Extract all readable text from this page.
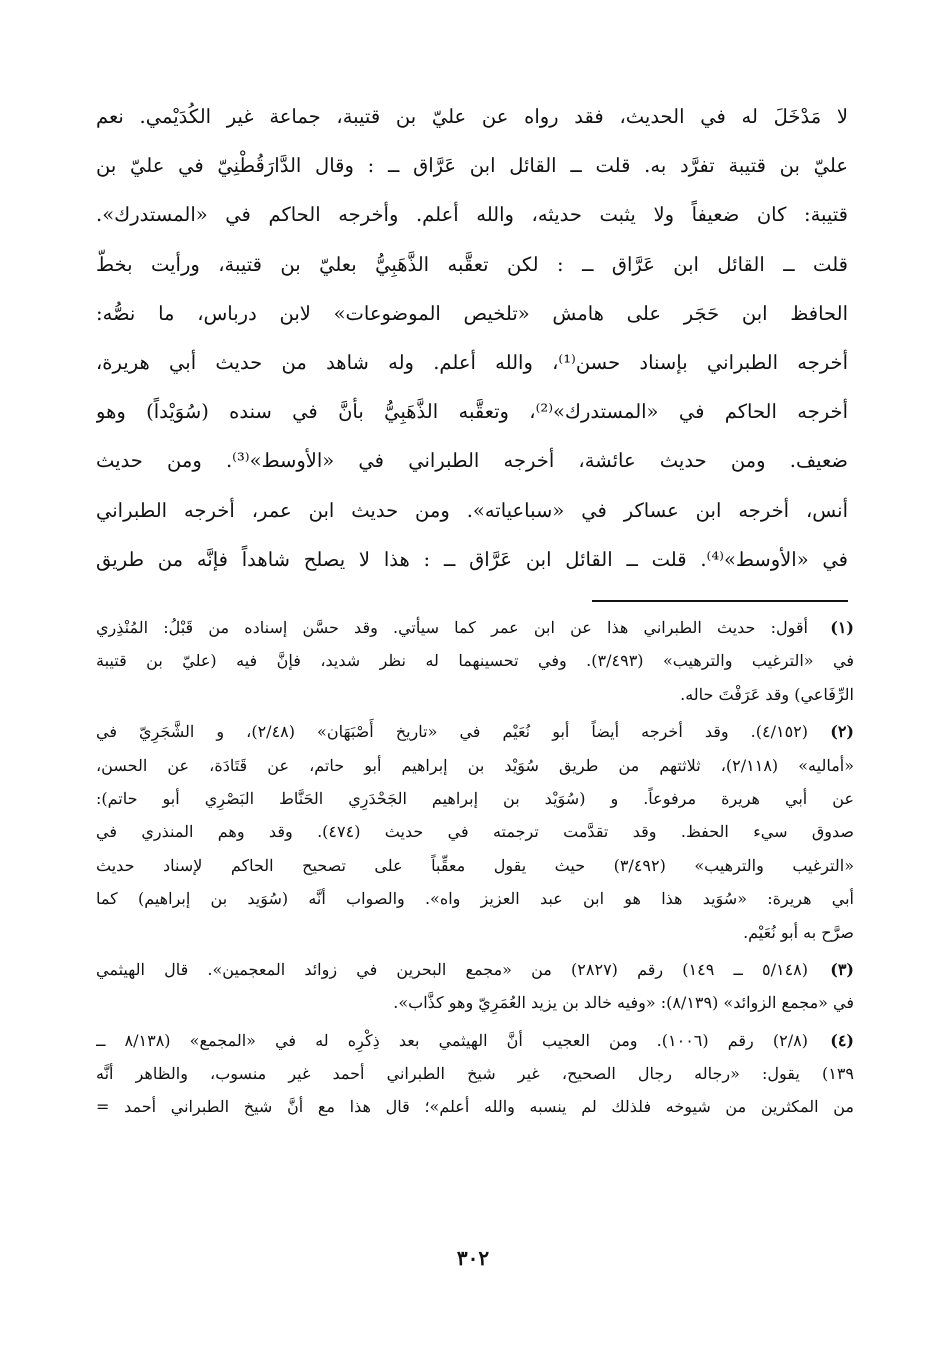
لا مَدْخَلَ له في الحديث، فقد رواه عن عليّ بن قتيبة، جماعة غير الكُدَيْمي. نعم
عليّ بن قتيبة تفرَّد به. قلت ــ القائل ابن عَرَّاق ــ : وقال الدَّارَقُطْنِيّ في عليّ بن
قتيبة: كان ضعيفاً ولا يثبت حديثه، والله أعلم. وأخرجه الحاكم في «المستدرك».
قلت ــ القائل ابن عَرَّاق ــ : لكن تعقَّبه الذَّهَبِيُّ بعليّ بن قتيبة، ورأيت بخطّ
الحافظ ابن حَجَر على هامش «تلخيص الموضوعات» لابن درباس، ما نصُّه:
أخرجه الطبراني بإسناد حسن⁽¹⁾، والله أعلم. وله شاهد من حديث أبي هريرة،
أخرجه الحاكم في «المستدرك»⁽²⁾، وتعقَّبه الذَّهَبِيُّ بأنَّ في سنده (سُوَيْداً) وهو
ضعيف. ومن حديث عائشة، أخرجه الطبراني في «الأوسط»⁽³⁾. ومن حديث
أنس، أخرجه ابن عساكر في «سباعياته». ومن حديث ابن عمر، أخرجه الطبراني
في «الأوسط»⁽⁴⁾. قلت ــ القائل ابن عَرَّاق ــ : هذا لا يصلح شاهداً فإنَّه من طريق
(١)
أقول: حديث الطبراني هذا عن ابن عمر كما سيأتي. وقد حسَّن إسناده من قَبْلُ: المُنْذِري
في «الترغيب والترهيب» (٣/٤٩٣). وفي تحسينهما له نظر شديد، فإنَّ فيه (عليّ بن قتيبة
الرِّفَاعي) وقد عَرَفْتَ حاله.
(٢)
(٤/١٥٢). وقد أخرجه أيضاً أبو نُعَيْم في «تاريخ أَصْبَهَان» (٢/٤٨)، و الشَّجَرِيّ في
«أماليه» (٢/١١٨)، ثلاثتهم من طريق سُوَيْد بن إبراهيم أبو حاتم، عن قَتَادَة، عن الحسن،
عن أبي هريرة مرفوعاً. و (سُوَيْد بن إبراهيم الجَحْدَرِي الحَنَّاط البَصْرِي أبو حاتم):
صدوق سيء الحفظ. وقد تقدَّمت ترجمته في حديث (٤٧٤). وقد وهم المنذري في
«الترغيب والترهيب» (٣/٤٩٢) حيث يقول معقِّباً على تصحيح الحاكم لإسناد حديث
أبي هريرة: «سُوَيد هذا هو ابن عبد العزيز واه». والصواب أنَّه (سُوَيد بن إبراهيم) كما
صرَّح به أبو نُعَيْم.
(٣)
(٥/١٤٨ ــ ١٤٩) رقم (٢٨٢٧) من «مجمع البحرين في زوائد المعجمين». قال الهيثمي
في «مجمع الزوائد» (٨/١٣٩): «وفيه خالد بن يزيد العُمَرِيّ وهو كذَّاب».
(٤)
(٢/٨) رقم (١٠٠٦). ومن العجيب أنَّ الهيثمي بعد ذِكْرِه له في «المجمع» (٨/١٣٨ ــ
١٣٩) يقول: «رجاله رجال الصحيح، غير شيخ الطبراني أحمد غير منسوب، والظاهر أنَّه
من المكثرين من شيوخه فلذلك لم ينسبه والله أعلم»؛ قال هذا مع أنَّ شيخ الطبراني أحمد =
٣٠٢
